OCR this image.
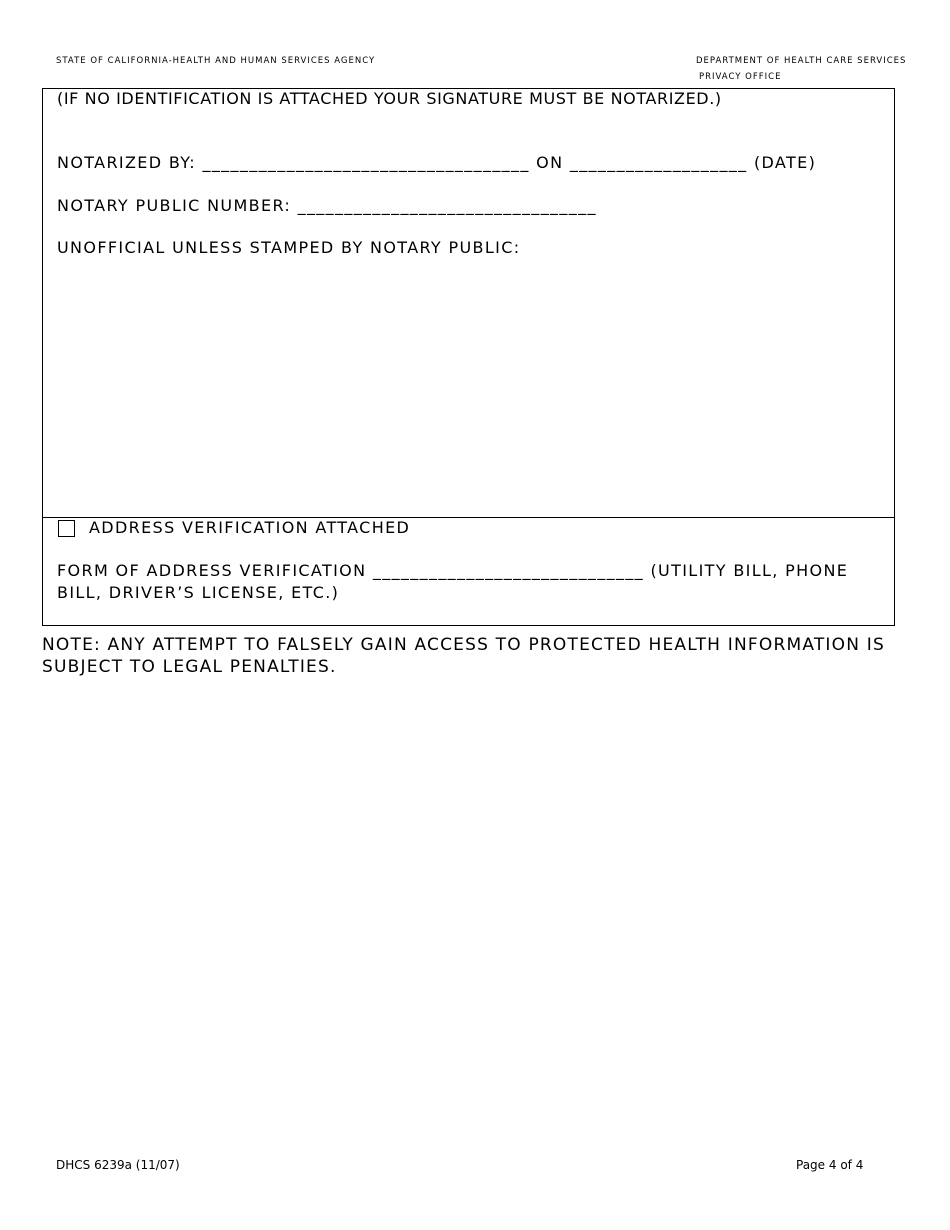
STATE OF CALIFORNIA-HEALTH AND HUMAN SERVICES AGENCY	DEPARTMENT OF HEALTH CARE SERVICES
PRIVACY OFFICE
(IF NO IDENTIFICATION IS ATTACHED YOUR SIGNATURE MUST BE NOTARIZED.)
NOTARIZED BY: ___________________________________ ON ___________________ (DATE)
NOTARY PUBLIC NUMBER: ________________________________
UNOFFICIAL UNLESS STAMPED BY NOTARY PUBLIC:
ADDRESS VERIFICATION ATTACHED
FORM OF ADDRESS VERIFICATION _____________________________ (UTILITY BILL, PHONE BILL, DRIVER’S LICENSE, ETC.)
NOTE: ANY ATTEMPT TO FALSELY GAIN ACCESS TO PROTECTED HEALTH INFORMATION IS SUBJECT TO LEGAL PENALTIES.
DHCS 6239a (11/07)	Page 4 of 4
